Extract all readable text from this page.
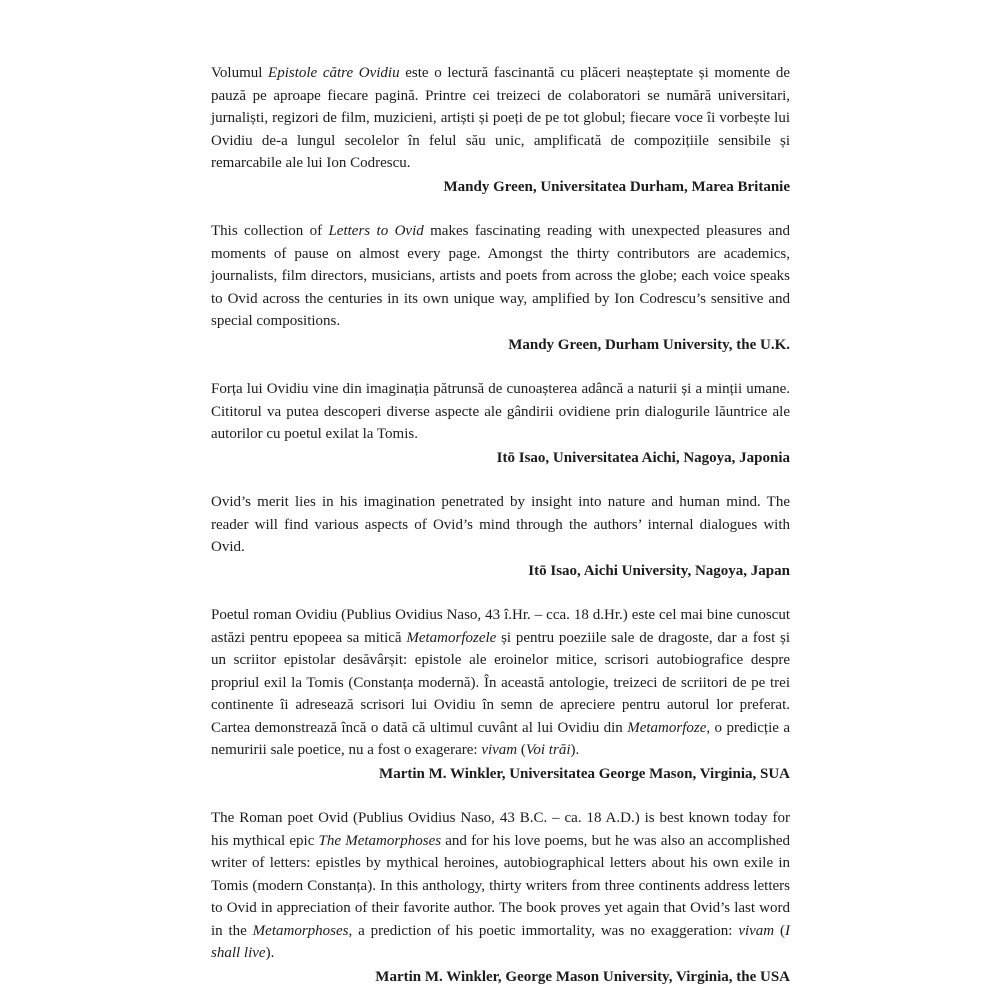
Volumul Epistole către Ovidiu este o lectură fascinantă cu plăceri neașteptate și momente de pauză pe aproape fiecare pagină. Printre cei treizeci de colaboratori se numără universitari, jurnaliști, regizori de film, muzicieni, artiști și poeți de pe tot globul; fiecare voce îi vorbește lui Ovidiu de-a lungul secolelor în felul său unic, amplificată de compozițiile sensibile și remarcabile ale lui Ion Codrescu.

Mandy Green, Universitatea Durham, Marea Britanie

This collection of Letters to Ovid makes fascinating reading with unexpected pleasures and moments of pause on almost every page. Amongst the thirty contributors are academics, journalists, film directors, musicians, artists and poets from across the globe; each voice speaks to Ovid across the centuries in its own unique way, amplified by Ion Codrescu’s sensitive and special compositions.

Mandy Green, Durham University, the U.K.

Forța lui Ovidiu vine din imaginația pătrunsă de cunoașterea adâncă a naturii și a minții umane. Cititorul va putea descoperi diverse aspecte ale gândirii ovidiene prin dialogurile lăuntrice ale autorilor cu poetul exilat la Tomis.

Itō Isao, Universitatea Aichi, Nagoya, Japonia

Ovid’s merit lies in his imagination penetrated by insight into nature and human mind. The reader will find various aspects of Ovid’s mind through the authors’ internal dialogues with Ovid.

Itō Isao, Aichi University, Nagoya, Japan

Poetul roman Ovidiu (Publius Ovidius Naso, 43 î.Hr. – cca. 18 d.Hr.) este cel mai bine cunoscut astăzi pentru epopeea sa mitică Metamorfozele și pentru poeziile sale de dragoste, dar a fost și un scriitor epistolar desăvârșit: epistole ale eroinelor mitice, scrisori autobiografice despre propriul exil la Tomis (Constanța modernă). În această antologie, treizeci de scriitori de pe trei continente îi adresează scrisori lui Ovidiu în semn de apreciere pentru autorul lor preferat. Cartea demonstrează încă o dată că ultimul cuvânt al lui Ovidiu din Metamorfoze, o predicție a nemuririi sale poetice, nu a fost o exagerare: vivam (Voi trăi).

Martin M. Winkler, Universitatea George Mason, Virginia, SUA

The Roman poet Ovid (Publius Ovidius Naso, 43 B.C. – ca. 18 A.D.) is best known today for his mythical epic The Metamorphoses and for his love poems, but he was also an accomplished writer of letters: epistles by mythical heroines, autobiographical letters about his own exile in Tomis (modern Constanța). In this anthology, thirty writers from three continents address letters to Ovid in appreciation of their favorite author. The book proves yet again that Ovid’s last word in the Metamorphoses, a prediction of his poetic immortality, was no exaggeration: vivam (I shall live).

Martin M. Winkler, George Mason University, Virginia, the USA
